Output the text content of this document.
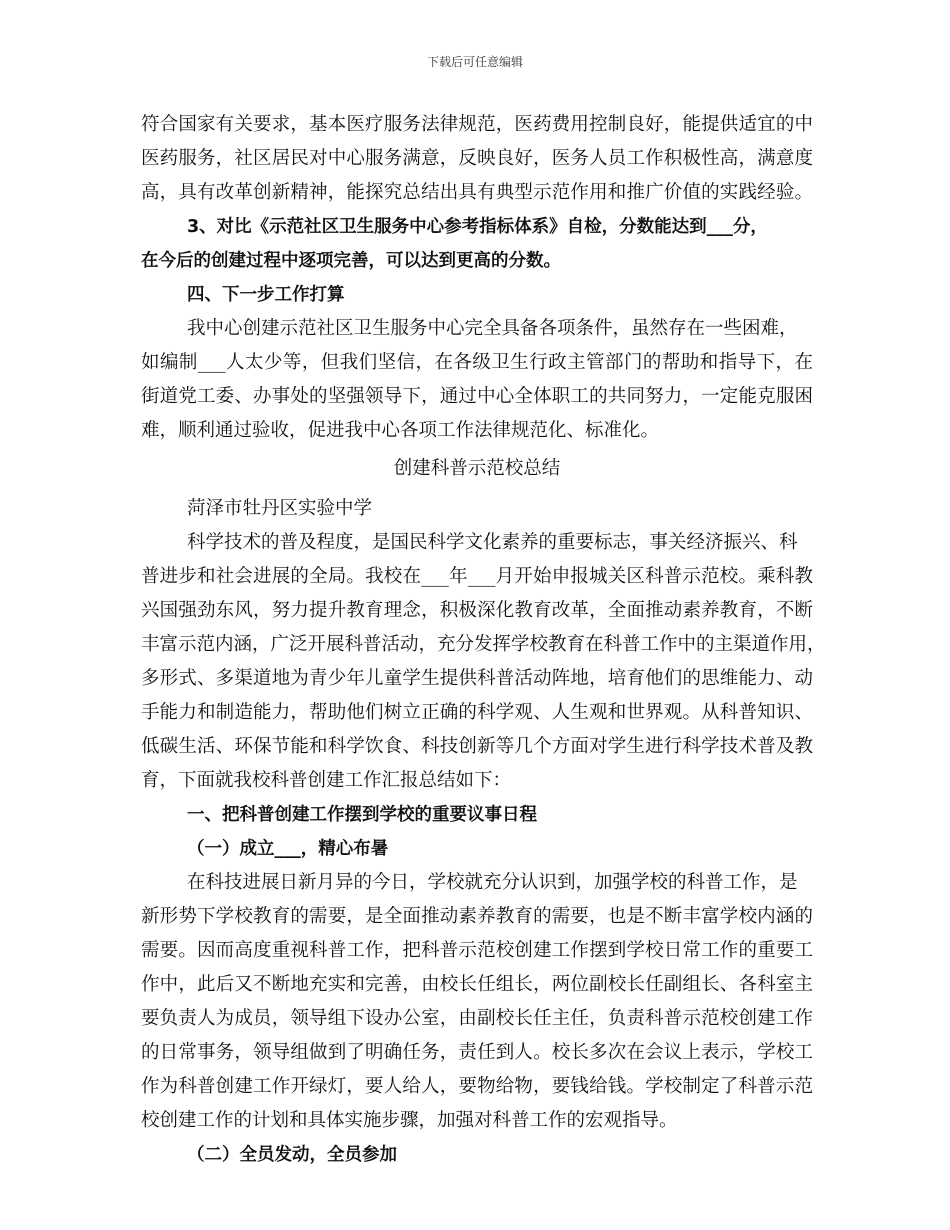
下载后可任意编辑
符合国家有关要求，基本医疗服务法律规范，医药费用控制良好，能提供适宜的中
医药服务，社区居民对中心服务满意，反映良好，医务人员工作积极性高，满意度
高，具有改革创新精神，能探究总结出具有典型示范作用和推广价值的实践经验。
3、对比《示范社区卫生服务中心参考指标体系》自检，分数能达到___分，
在今后的创建过程中逐项完善，可以达到更高的分数。
四、下一步工作打算
我中心创建示范社区卫生服务中心完全具备各项条件，虽然存在一些困难，
如编制___人太少等，但我们坚信，在各级卫生行政主管部门的帮助和指导下，在
街道党工委、办事处的坚强领导下，通过中心全体职工的共同努力，一定能克服困
难，顺利通过验收，促进我中心各项工作法律规范化、标准化。
创建科普示范校总结
菏泽市牡丹区实验中学
科学技术的普及程度，是国民科学文化素养的重要标志，事关经济振兴、科
普进步和社会进展的全局。我校在___年___月开始申报城关区科普示范校。乘科教
兴国强劲东风，努力提升教育理念，积极深化教育改革，全面推动素养教育，不断
丰富示范内涵，广泛开展科普活动，充分发挥学校教育在科普工作中的主渠道作用，
多形式、多渠道地为青少年儿童学生提供科普活动阵地，培育他们的思维能力、动
手能力和制造能力，帮助他们树立正确的科学观、人生观和世界观。从科普知识、
低碳生活、环保节能和科学饮食、科技创新等几个方面对学生进行科学技术普及教
育，下面就我校科普创建工作汇报总结如下：
一、把科普创建工作摆到学校的重要议事日程
（一）成立___，精心布暑
在科技进展日新月异的今日，学校就充分认识到，加强学校的科普工作，是
新形势下学校教育的需要，是全面推动素养教育的需要，也是不断丰富学校内涵的
需要。因而高度重视科普工作，把科普示范校创建工作摆到学校日常工作的重要工
作中，此后又不断地充实和完善，由校长任组长，两位副校长任副组长、各科室主
要负责人为成员，领导组下设办公室，由副校长任主任，负责科普示范校创建工作
的日常事务，领导组做到了明确任务，责任到人。校长多次在会议上表示，学校工
作为科普创建工作开绿灯，要人给人，要物给物，要钱给钱。学校制定了科普示范
校创建工作的计划和具体实施步骤，加强对科普工作的宏观指导。
（二）全员发动，全员参加
